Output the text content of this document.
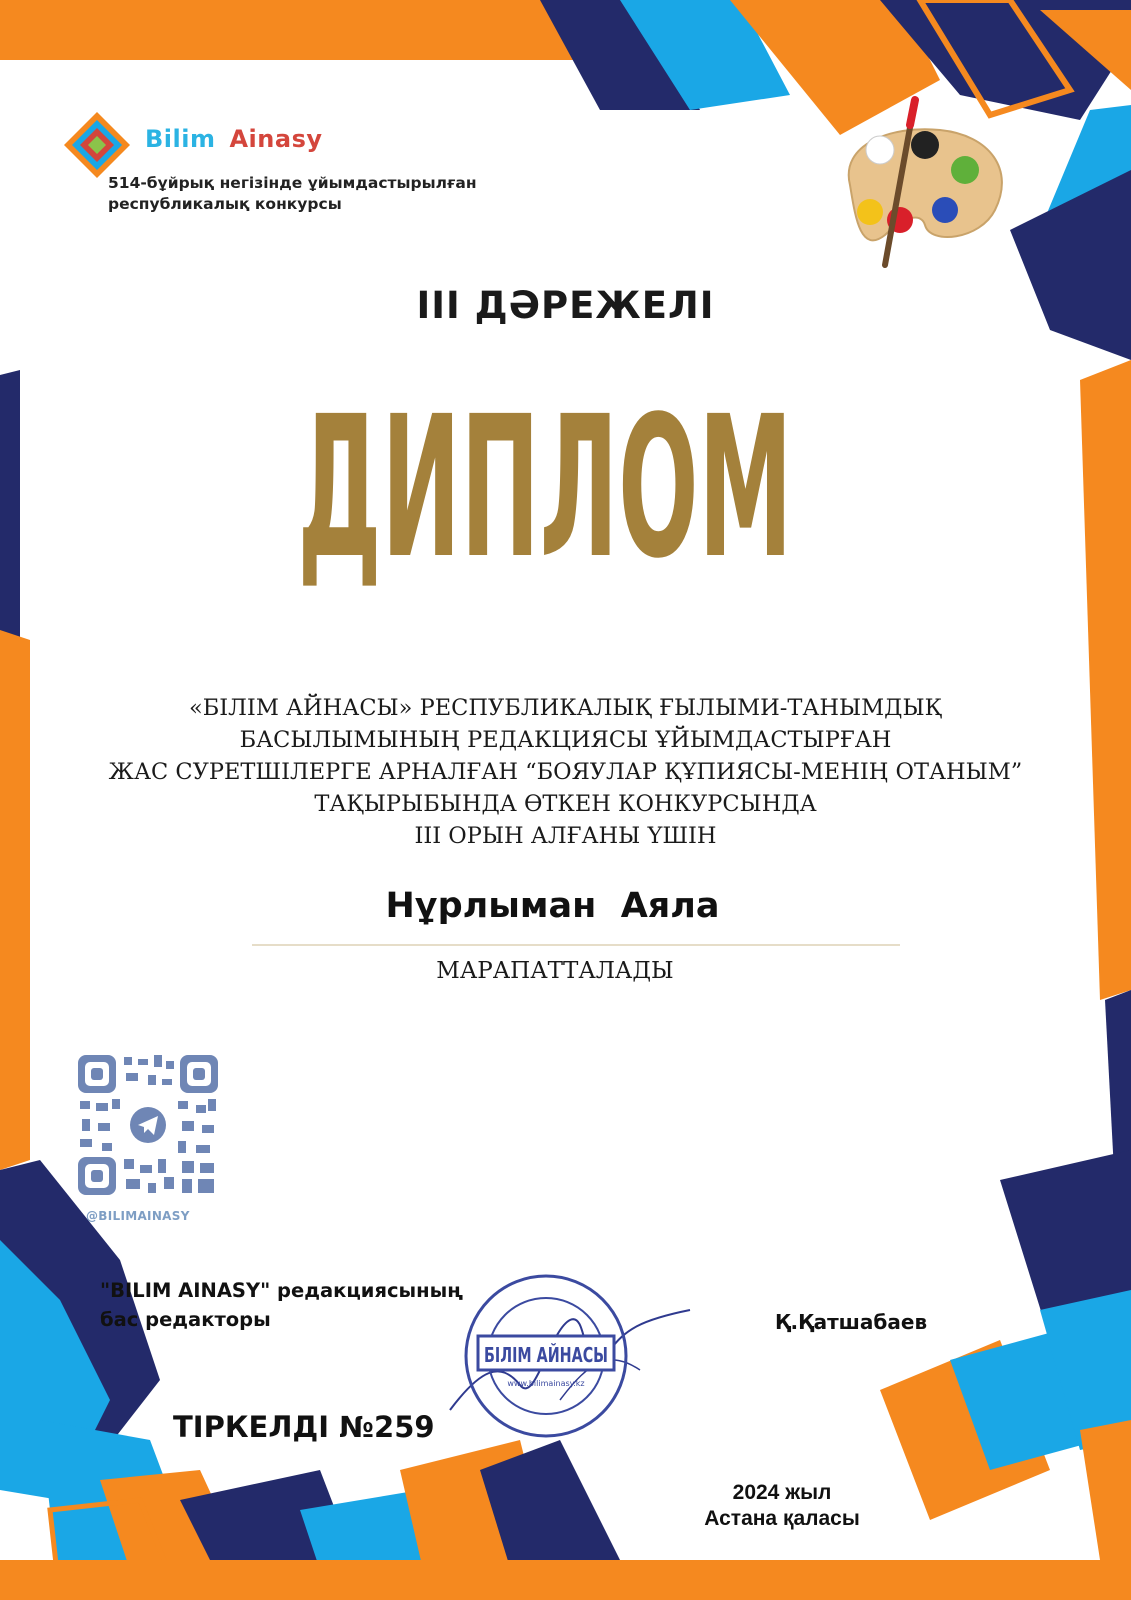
Bilim Ainasy
514-бұйрық негізінде ұйымдастырылған
республикалық конкурсы
III ДӘРЕЖЕЛІ
ДИПЛОМ
«БІЛІМ АЙНАСЫ» РЕСПУБЛИКАЛЫҚ ҒЫЛЫМИ-ТАНЫМДЫҚ
БАСЫЛЫМЫНЫҢ РЕДАКЦИЯСЫ ҰЙЫМДАСТЫРҒАН
ЖАС СУРЕТШІЛЕРГЕ АРНАЛҒАН “БОЯУЛАР ҚҰПИЯСЫ-МЕНІҢ ОТАНЫМ”
ТАҚЫРЫБЫНДА ӨТКЕН КОНКУРСЫНДА
III ОРЫН АЛҒАНЫ ҮШІН
Нұрлыман  Аяла
МАРАПАТТАЛАДЫ
@BILIMAINASY
"BILIM AINASY" редакциясының
бас редакторы
БІЛІМ АЙНАСЫ
www.bilimainasy.kz
Қ.Қатшабаев
ТІРКЕЛДІ №259
2024 жыл
Астана қаласы
